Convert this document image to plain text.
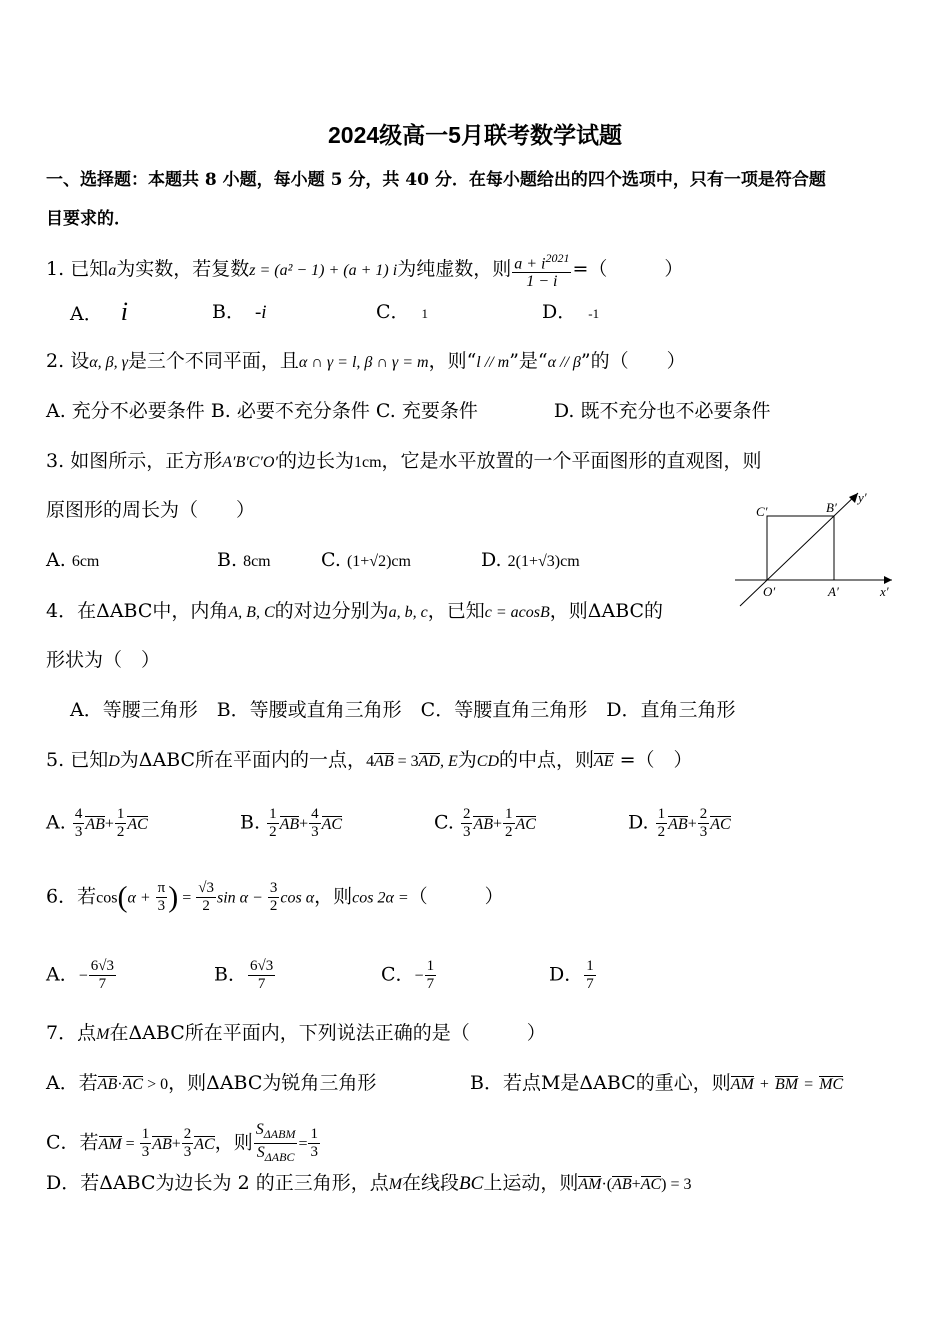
2024级高一5月联考数学试题
一、选择题：本题共 8 小题，每小题 5 分，共 40 分．在每小题给出的四个选项中，只有一项是符合题
目要求的．
1. 已知a为实数，若复数z = (a² − 1) + (a + 1) i为纯虚数，则 $\frac{a + i^{2021}}{1 - i}$ =（　　　）
A． i	B． -i	C． 1	D． -1
2. 设α, β, γ是三个不同平面，且α ∩ γ = l, β ∩ γ = m，则“l // m”是“α // β”的（　　）
A. 充分不必要条件 B. 必要不充分条件 C. 充要条件　　　　D. 既不充分也不必要条件
3. 如图所示，正方形A′B′C′O′的边长为1cm，它是水平放置的一个平面图形的直观图，则
原图形的周长为（　　）
A. 6cm	B. 8cm	C. (1+√2)cm	D. 2(1+√3)cm
C′	B′
O′	A′	x′
y′
4．在ΔABC中，内角A, B, C的对边分别为a, b, c，已知c = acosB，则ΔABC的
形状为（　）
A．等腰三角形　B．等腰或直角三角形　C．等腰直角三角形　D．直角三角形
5. 已知D为ΔABC所在平面内的一点，4AB = 3AD, E为CD的中点，则AE =（　）
A. $\frac{4}{3} AB+ \frac{1}{2}$ AC	B. $\frac{1}{2} AB+ \frac{4}{3}$ AC	C. $\frac{2}{3} AB+ \frac{1}{2}$ AC	D. $\frac{1}{2} AB+ \frac{2}{3}$ AC
6．若$\cos(\alpha + \frac{\pi}{3}$ ) = $\frac{√3}{2}$ $\sin \alpha - \frac{3}{2}$ cos α，则cos 2α =（　　　）
A．− $\frac{6√3}{7}$	B． $\frac{6√3}{7}$	C．− $\frac{1}{7}$	D． $\frac{1}{7}$
7．点M在ΔABC所在平面内，下列说法正确的是（　　　）
A．若AB·AC > 0，则ΔABC为锐角三角形	B．若点M是ΔABC的重心，则AM + BM = MC
C．若AM = $\frac{1}{3} AB+ \frac{2}{3}$ AC，则 $\frac{S_{\Delta ABM}}{S_{\Delta ABC}} = \frac{1}{3}$
D．若ΔABC为边长为 2 的正三角形，点M在线段BC上运动，则AM·(AB+AC) = 3
